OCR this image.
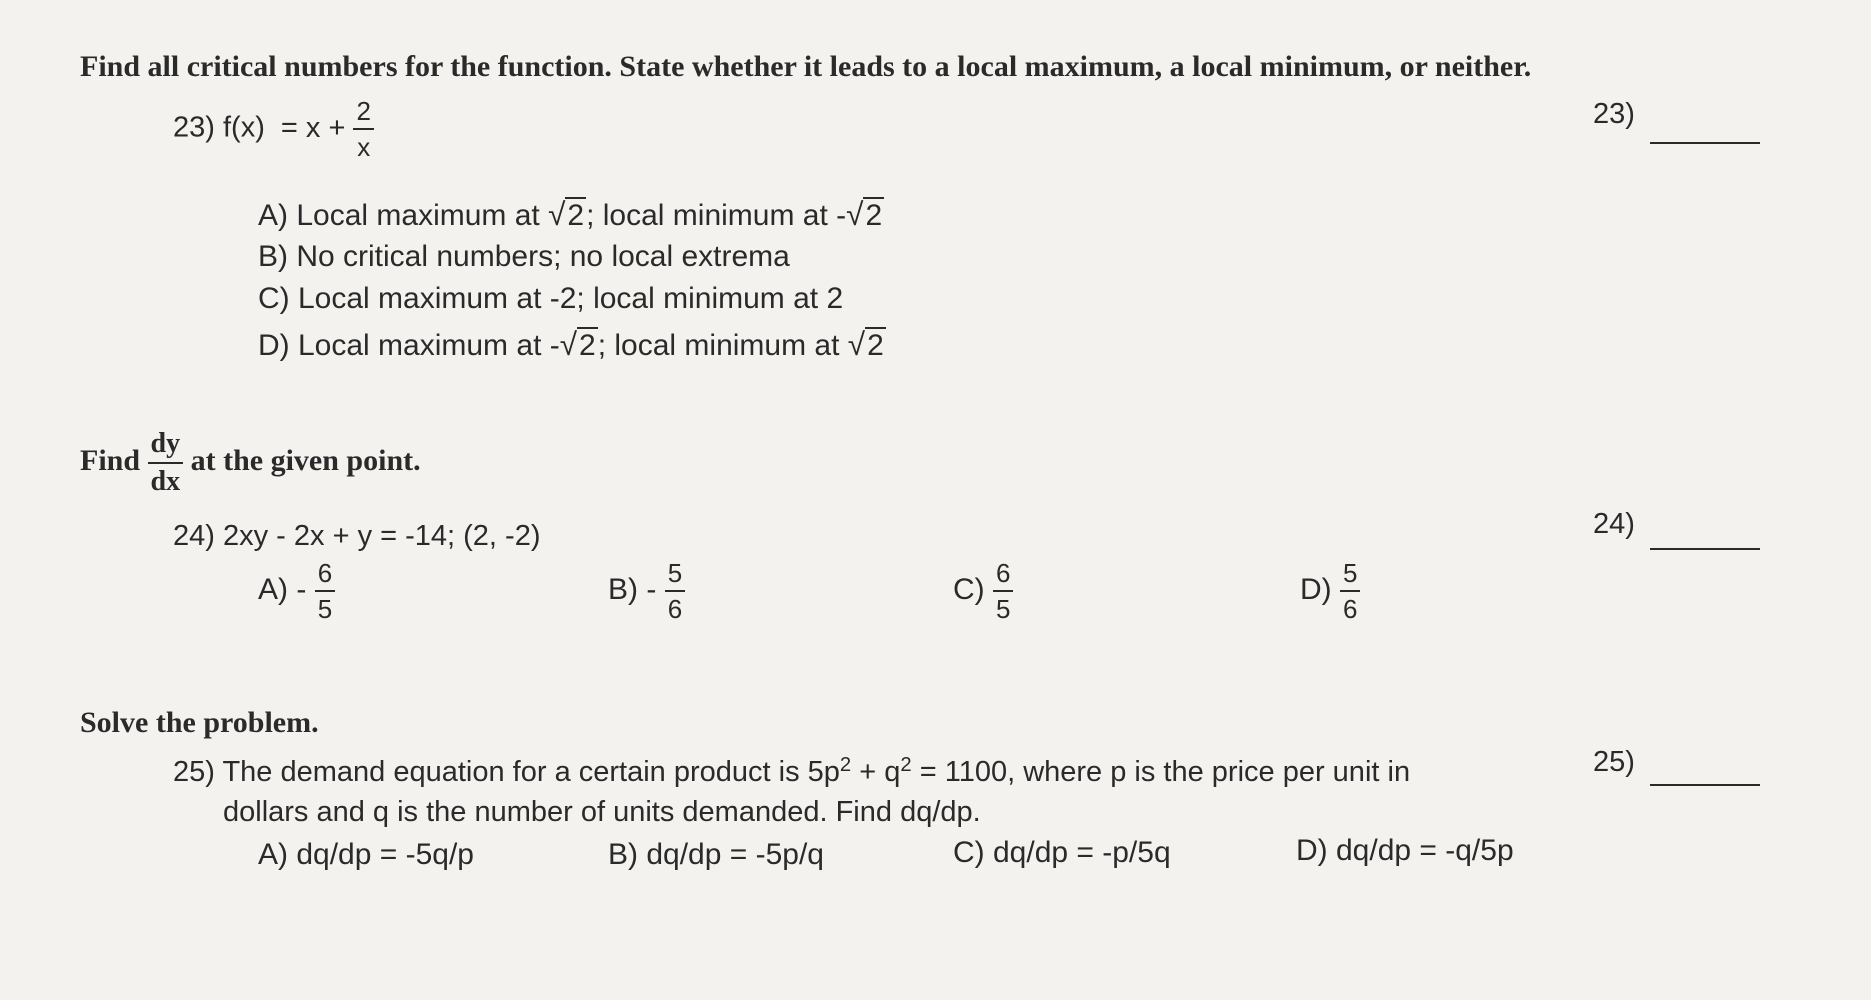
Find all critical numbers for the function. State whether it leads to a local maximum, a local minimum, or neither.
23) $f(x) = x + \frac{2}{x}$	23)
A) Local maximum at √2; local minimum at -√2
B) No critical numbers; no local extrema
C) Local maximum at -2; local minimum at 2
D) Local maximum at -√2; local minimum at √2
Find $\frac{dy}{dx}$ at the given point.
24) 2xy - 2x + y = -14; (2, -2)	24)
$A) - \frac{6}{5}$	$B) - \frac{5}{6}$	$C) \frac{6}{5}$	$D) \frac{5}{6}$
Solve the problem.
25) The demand equation for a certain product is $5p^2 + q^2 = 1100$, where p is the price per unit in
dollars and q is the number of units demanded. Find dq/dp.
25)
A) dq/dp = -5q/p	B) dq/dp = -5p/q	C) dq/dp = -p/5q	D) dq/dp = -q/5p
